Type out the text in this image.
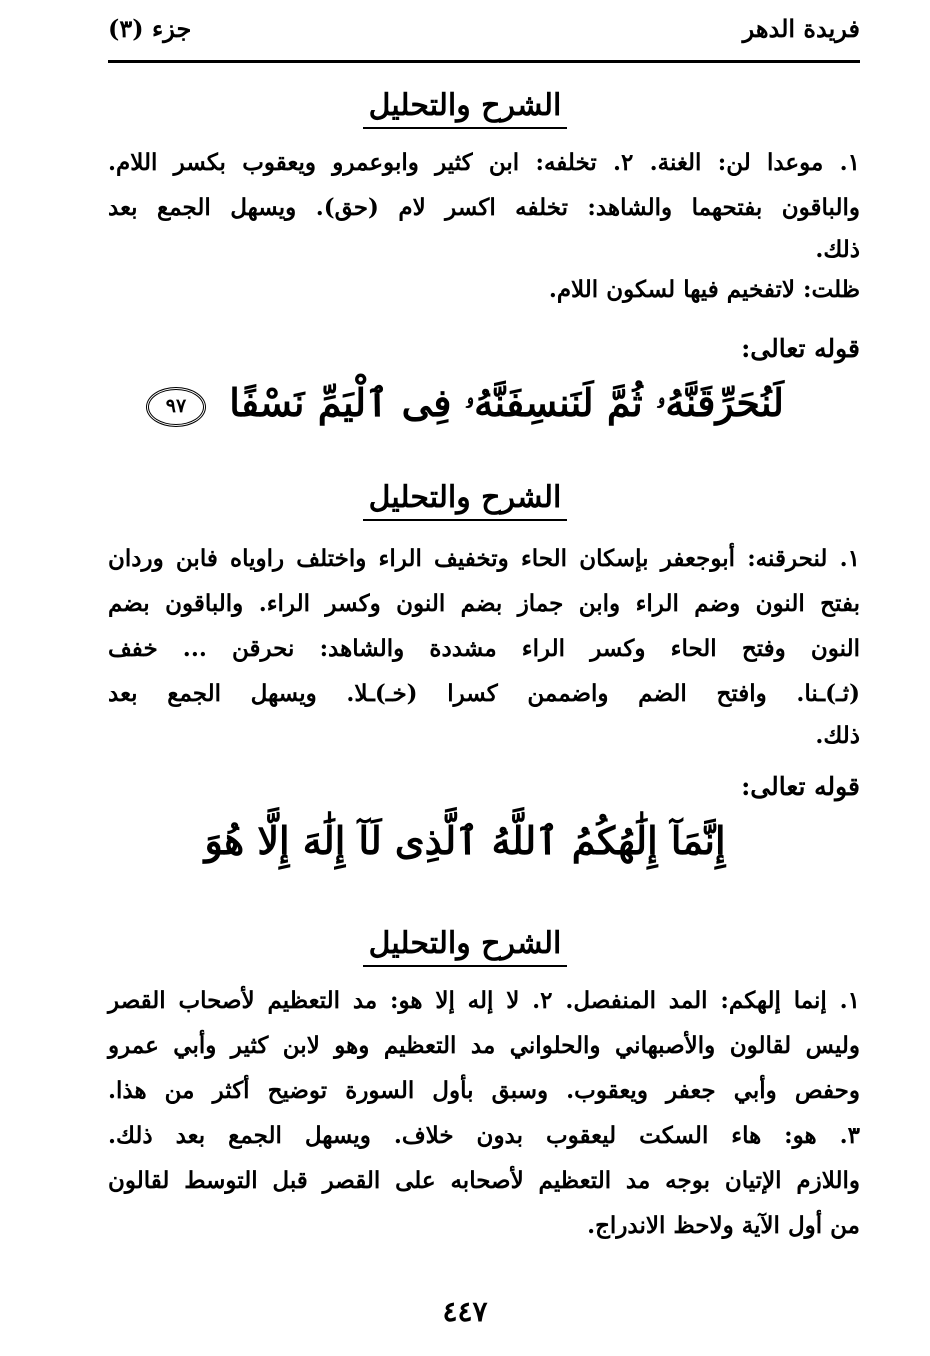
فريدة الدهر
جزء (٣)
الشرح والتحليل

١. موعدا لن: الغنة. ٢. تخلفه: ابن كثير وابوعمرو ويعقوب بكسر اللام.

والباقون بفتحهما والشاهد: تخلفه اكسر لام (حق). ويسهل الجمع بعد

ذلك.

ظلت: لاتفخيم فيها لسكون اللام.

قوله تعالى:
لَنُحَرِّقَنَّهُۥ ثُمَّ لَنَنسِفَنَّهُۥ فِى ٱلْيَمِّ نَسْفًا ٩٧
الشرح والتحليل

١. لنحرقنه: أبوجعفر بإسكان الحاء وتخفيف الراء واختلف راوياه فابن وردان

بفتح النون وضم الراء وابن جماز بضم النون وكسر الراء. والباقون بضم

النون وفتح الحاء وكسر الراء مشددة والشاهد: نحرقن ... خفف

(ثـ)ـنا. وافتح الضم واضممن كسرا (خـ)ـلا. ويسهل الجمع بعد

ذلك.

قوله تعالى:
إِنَّمَآ إِلَٰهُكُمُ ٱللَّهُ ٱلَّذِى لَآ إِلَٰهَ إِلَّا هُوَ
الشرح والتحليل

١. إنما إلهكم: المد المنفصل. ٢. لا إله إلا هو: مد التعظيم لأصحاب القصر

وليس لقالون والأصبهاني والحلواني مد التعظيم وهو لابن كثير وأبي عمرو

وحفص وأبي جعفر ويعقوب. وسبق بأول السورة توضيح أكثر من هذا.

٣. هو: هاء السكت ليعقوب بدون خلاف. ويسهل الجمع بعد ذلك.

واللازم الإتيان بوجه مد التعظيم لأصحابه على القصر قبل التوسط لقالون

من أول الآية ولاحظ الاندراج.

٤٤٧
